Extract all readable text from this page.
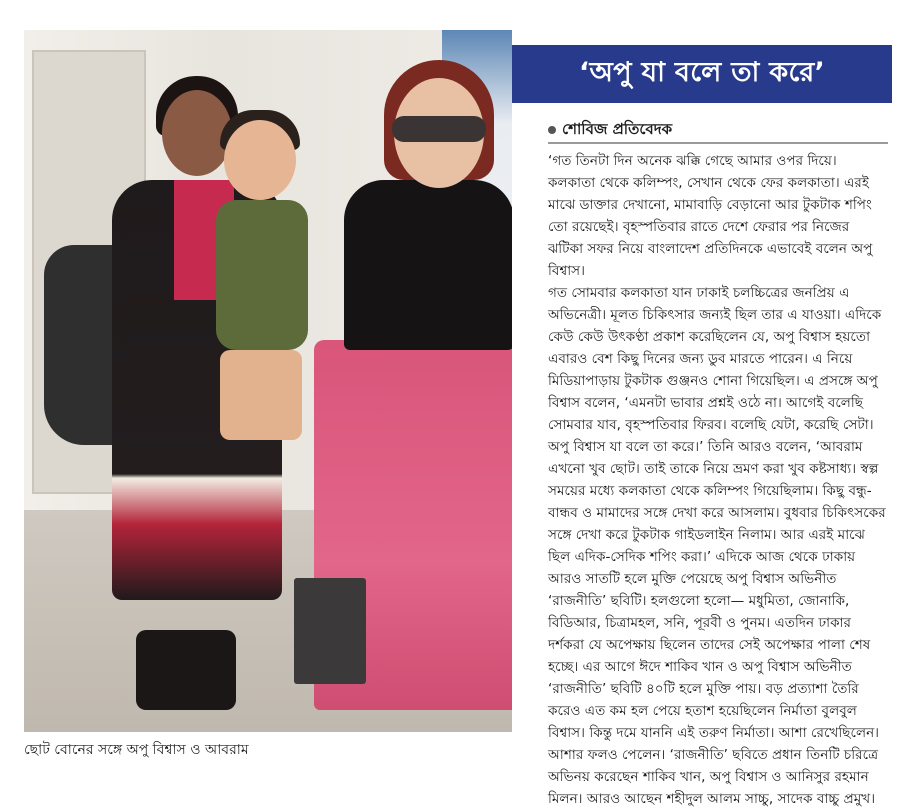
ছোট বোনের সঙ্গে অপু বিশ্বাস ও আবরাম
‘অপু যা বলে তা করে’
শোবিজ প্রতিবেদক

‘গত তিনটা দিন অনেক ঝক্কি গেছে আমার ওপর দিয়ে। কলকাতা থেকে কলিম্পং, সেখান থেকে ফের কলকাতা। এরই মাঝে ডাক্তার দেখানো, মামাবাড়ি বেড়ানো আর টুকটাক শপিং তো রয়েছেই। বৃহস্পতিবার রাতে দেশে ফেরার পর নিজের ঝটিকা সফর নিয়ে বাংলাদেশ প্রতিদিনকে এভাবেই বলেন অপু বিশ্বাস।

গত সোমবার কলকাতা যান ঢাকাই চলচ্চিত্রের জনপ্রিয় এ অভিনেত্রী। মূলত চিকিৎসার জন্যই ছিল তার এ যাওয়া। এদিকে কেউ কেউ উৎকণ্ঠা প্রকাশ করেছিলেন যে, অপু বিশ্বাস হয়তো এবারও বেশ কিছু দিনের জন্য ডুব মারতে পারেন। এ নিয়ে মিডিয়াপাড়ায় টুকটাক গুঞ্জনও শোনা গিয়েছিল। এ প্রসঙ্গে অপু বিশ্বাস বলেন, ‘এমনটা ভাবার প্রশ্নই ওঠে না। আগেই বলেছি সোমবার যাব, বৃহস্পতিবার ফিরব। বলেছি যেটা, করেছি সেটা। অপু বিশ্বাস যা বলে তা করে।’ তিনি আরও বলেন, ‘আবরাম এখনো খুব ছোট। তাই তাকে নিয়ে ভ্রমণ করা খুব কষ্টসাধ্য। স্বল্প সময়ের মধ্যে কলকাতা থেকে কলিম্পং গিয়েছিলাম। কিছু বন্ধু-বান্ধব ও মামাদের সঙ্গে দেখা করে আসলাম। বুধবার চিকিৎসকের সঙ্গে দেখা করে টুকটাক গাইডলাইন নিলাম। আর এরই মাঝে ছিল এদিক-সেদিক শপিং করা।’ এদিকে আজ থেকে ঢাকায় আরও সাতটি হলে মুক্তি পেয়েছে অপু বিশ্বাস অভিনীত ‘রাজনীতি’ ছবিটি। হলগুলো হলো— মধুমিতা, জোনাকি, বিডিআর, চিত্রামহল, সনি, পূরবী ও পুনম। এতদিন ঢাকার দর্শকরা যে অপেক্ষায় ছিলেন তাদের সেই অপেক্ষার পালা শেষ হচ্ছে। এর আগে ঈদে শাকিব খান ও অপু বিশ্বাস অভিনীত ‘রাজনীতি’ ছবিটি ৪০টি হলে মুক্তি পায়। বড় প্রত্যাশা তৈরি করেও এত কম হল পেয়ে হতাশ হয়েছিলেন নির্মাতা বুলবুল বিশ্বাস। কিন্তু দমে যাননি এই তরুণ নির্মাতা। আশা রেখেছিলেন। আশার ফলও পেলেন। ‘রাজনীতি’ ছবিতে প্রধান তিনটি চরিত্রে অভিনয় করেছেন শাকিব খান, অপু বিশ্বাস ও আনিসুর রহমান মিলন। আরও আছেন শহীদুল আলম সাচ্চু, সাদেক বাচ্চু প্রমুখ।
